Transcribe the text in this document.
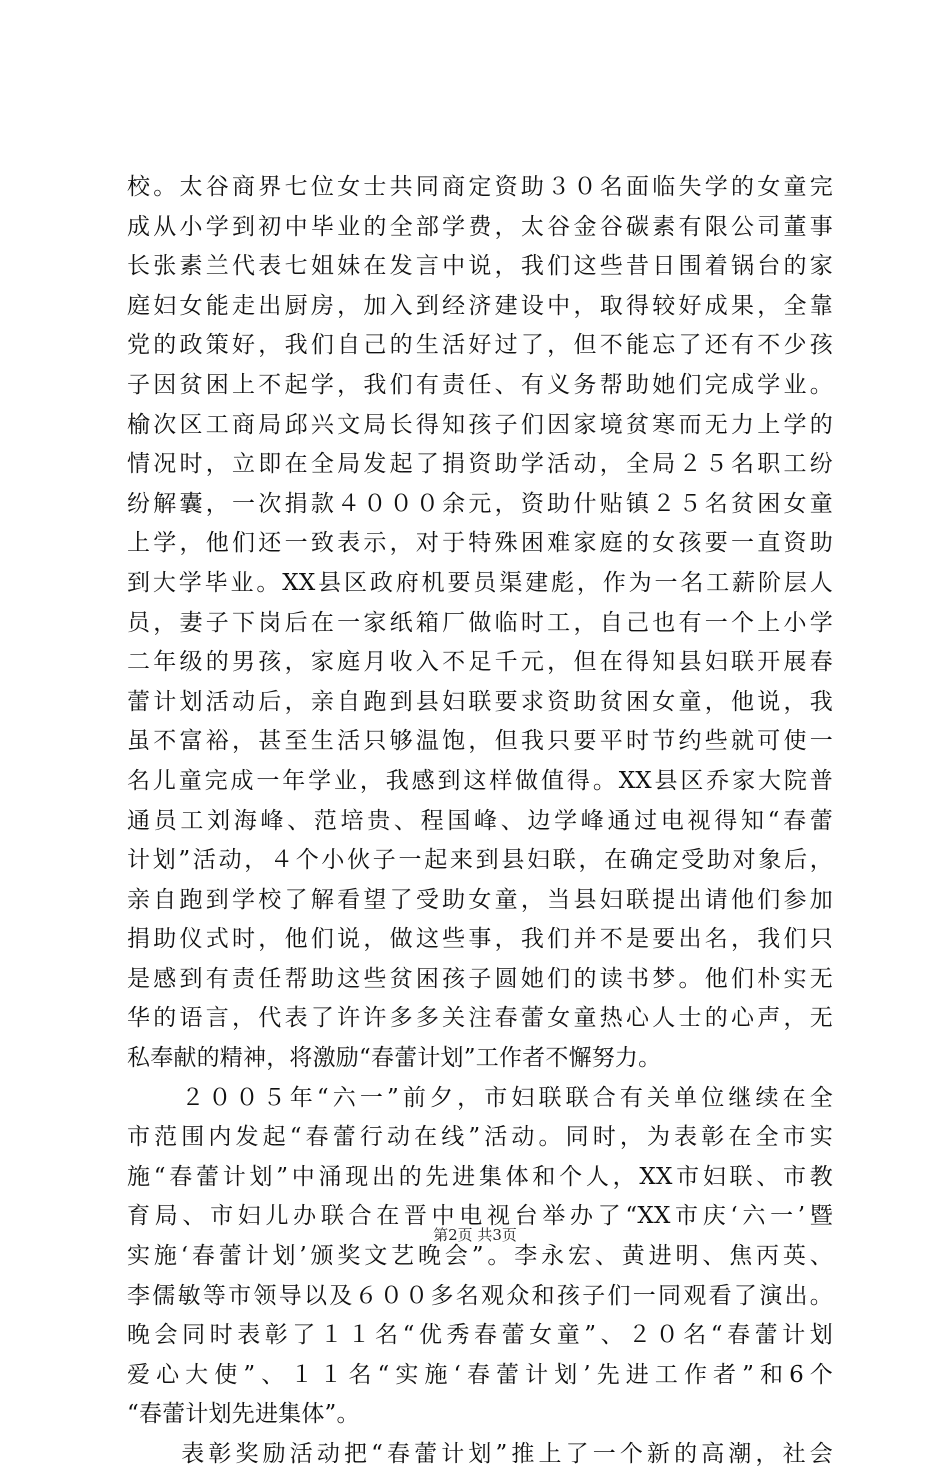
校。太谷商界七位女士共同商定资助３０名面临失学的女童完
成从小学到初中毕业的全部学费，太谷金谷碳素有限公司董事
长张素兰代表七姐妹在发言中说，我们这些昔日围着锅台的家
庭妇女能走出厨房，加入到经济建设中，取得较好成果，全靠
党的政策好，我们自己的生活好过了，但不能忘了还有不少孩
子因贫困上不起学，我们有责任、有义务帮助她们完成学业。
榆次区工商局邱兴文局长得知孩子们因家境贫寒而无力上学的
情况时，立即在全局发起了捐资助学活动，全局２５名职工纷
纷解囊，一次捐款４０００余元，资助什贴镇２５名贫困女童
上学，他们还一致表示，对于特殊困难家庭的女孩要一直资助
到大学毕业。XX县区政府机要员渠建彪，作为一名工薪阶层人
员，妻子下岗后在一家纸箱厂做临时工，自己也有一个上小学
二年级的男孩，家庭月收入不足千元，但在得知县妇联开展春
蕾计划活动后，亲自跑到县妇联要求资助贫困女童，他说，我
虽不富裕，甚至生活只够温饱，但我只要平时节约些就可使一
名儿童完成一年学业，我感到这样做值得。XX县区乔家大院普
通员工刘海峰、范培贵、程国峰、边学峰通过电视得知“春蕾
计划”活动，４个小伙子一起来到县妇联，在确定受助对象后，
亲自跑到学校了解看望了受助女童，当县妇联提出请他们参加
捐助仪式时，他们说，做这些事，我们并不是要出名，我们只
是感到有责任帮助这些贫困孩子圆她们的读书梦。他们朴实无
华的语言，代表了许许多多关注春蕾女童热心人士的心声，无
私奉献的精神，将激励“春蕾计划”工作者不懈努力。
　　２００５年“六一”前夕，市妇联联合有关单位继续在全
市范围内发起“春蕾行动在线”活动。同时，为表彰在全市实
施“春蕾计划”中涌现出的先进集体和个人，XX市妇联、市教
育局、市妇儿办联合在晋中电视台举办了“XX市庆‘六一’暨
实施‘春蕾计划’颁奖文艺晚会”。李永宏、黄进明、焦丙英、
李儒敏等市领导以及６００多名观众和孩子们一同观看了演出。
晚会同时表彰了１１名“优秀春蕾女童”、２０名“春蕾计划
爱心大使”、１１名“实施‘春蕾计划’先进工作者”和6个
“春蕾计划先进集体”。
　　表彰奖励活动把“春蕾计划”推上了一个新的高潮，社会
第2页 共3页
